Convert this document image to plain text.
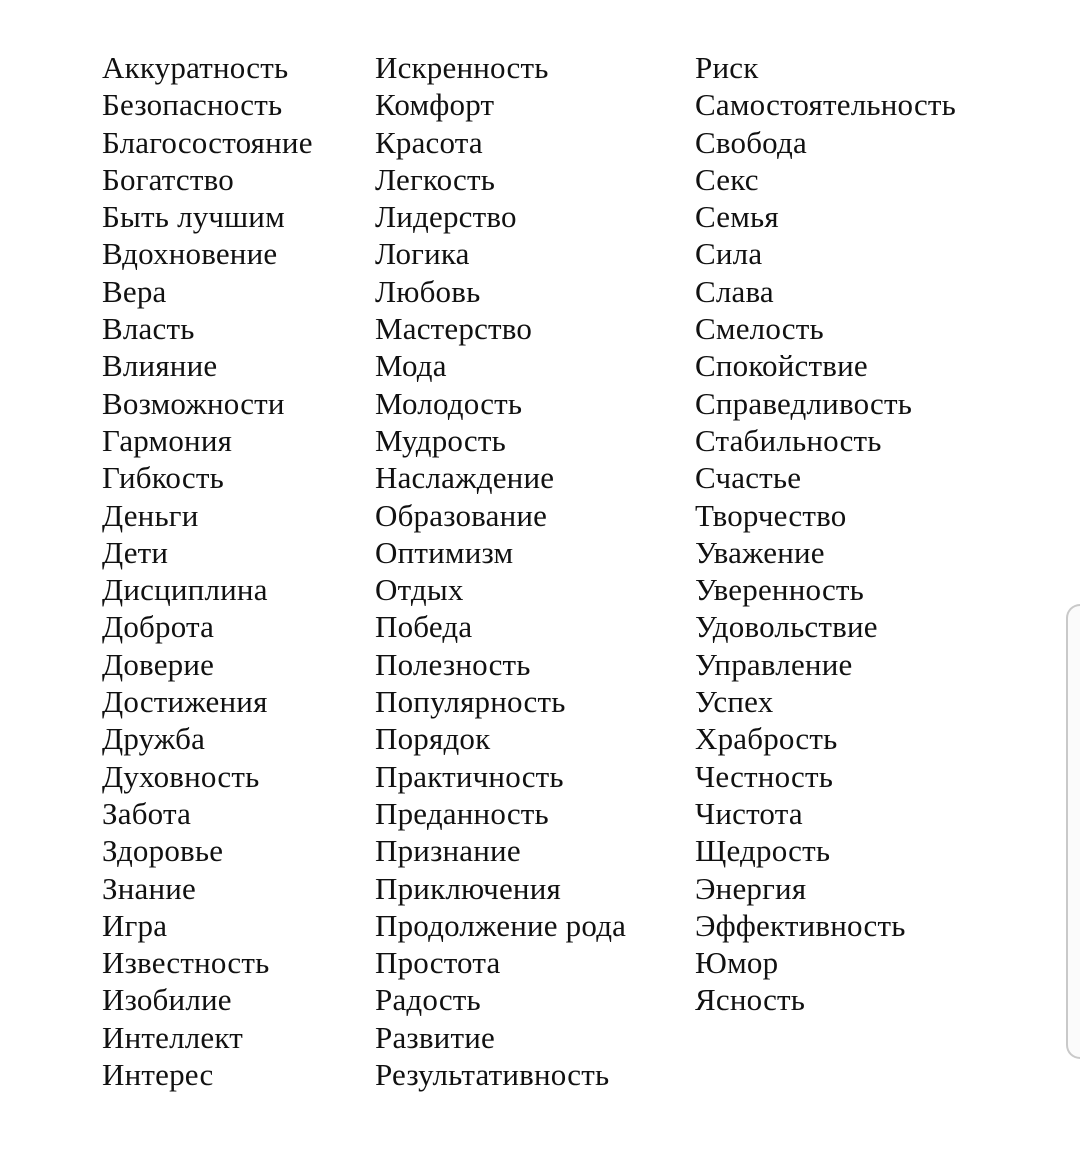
Аккуратность
Безопасность
Благосостояние
Богатство
Быть лучшим
Вдохновение
Вера
Власть
Влияние
Возможности
Гармония
Гибкость
Деньги
Дети
Дисциплина
Доброта
Доверие
Достижения
Дружба
Духовность
Забота
Здоровье
Знание
Игра
Известность
Изобилие
Интеллект
Интерес
Искренность
Комфорт
Красота
Легкость
Лидерство
Логика
Любовь
Мастерство
Мода
Молодость
Мудрость
Наслаждение
Образование
Оптимизм
Отдых
Победа
Полезность
Популярность
Порядок
Практичность
Преданность
Признание
Приключения
Продолжение рода
Простота
Радость
Развитие
Результативность
Риск
Самостоятельность
Свобода
Секс
Семья
Сила
Слава
Смелость
Спокойствие
Справедливость
Стабильность
Счастье
Творчество
Уважение
Уверенность
Удовольствие
Управление
Успех
Храбрость
Честность
Чистота
Щедрость
Энергия
Эффективность
Юмор
Ясность
